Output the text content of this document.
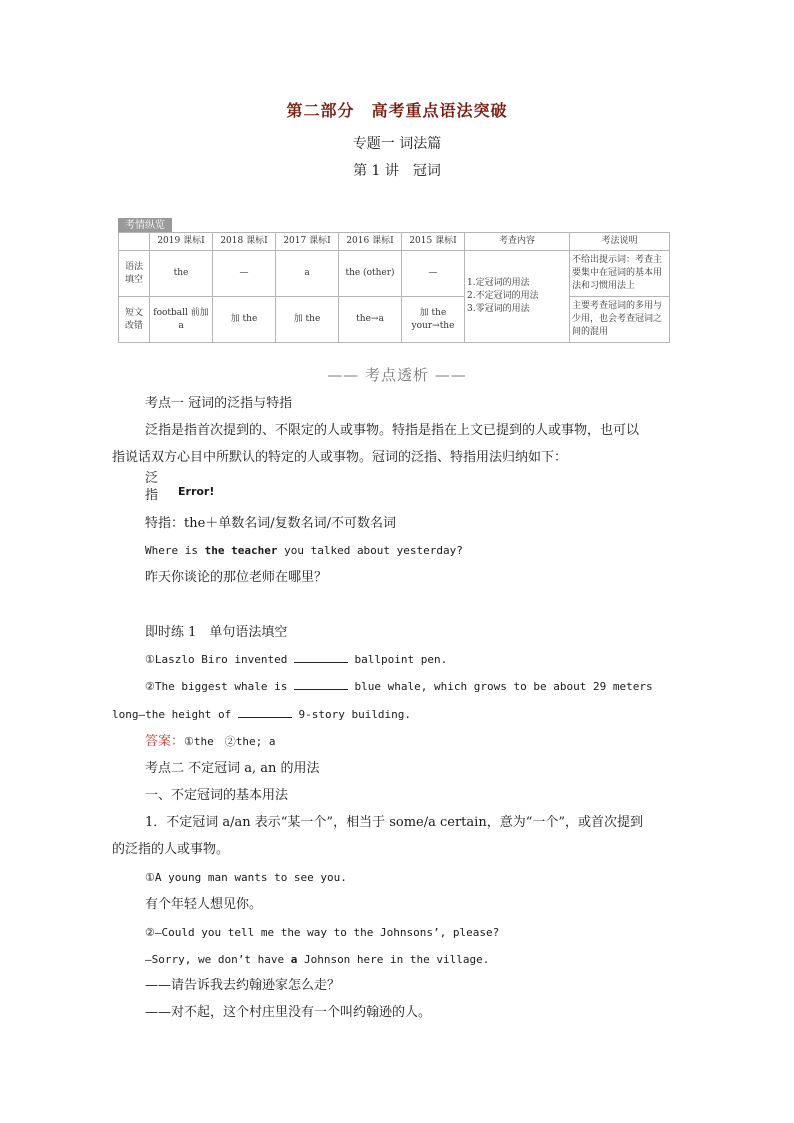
第二部分　高考重点语法突破
专题一 词法篇
第 1 讲　冠词
考情纵览
	2019 课标Ⅰ	2018 课标Ⅰ	2017 课标Ⅰ	2016 课标Ⅰ	2015 课标Ⅰ	考查内容	考法说明
语法填空	the	—	a	the (other)	—	1.定冠词的用法
2.不定冠词的用法
3.零冠词的用法	不给出提示词：考查主要集中在冠词的基本用法和习惯用法上
短文改错	football 前加 a	加 the	加 the	the→a	加 the your→the		主要考查冠词的多用与少用，也会考查冠词之间的混用
—— 考点透析 ——
考点一 冠词的泛指与特指
泛指是指首次提到的、不限定的人或事物。特指是指在上文已提到的人或事物，也可以
指说话双方心目中所默认的特定的人或事物。冠词的泛指、特指用法归纳如下：
泛
指 Error!
特指：the＋单数名词/复数名词/不可数名词
Where is the teacher you talked about yesterday?
昨天你谈论的那位老师在哪里？
即时练 1　单句语法填空
①Laszlo Biro invented	ballpoint pen.
②The biggest whale is	blue whale, which grows to be about 29 meters
long—the height of	9-story building.
答案：①the　②the; a
考点二 不定冠词 a, an 的用法
一、不定冠词的基本用法
1．不定冠词 a/an 表示“某一个”，相当于 some/a certain，意为“一个”，或首次提到
的泛指的人或事物。
①A young man wants to see you.
有个年轻人想见你。
②—Could you tell me the way to the Johnsons’, please?
—Sorry, we don’t have a Johnson here in the village.
——请告诉我去约翰逊家怎么走？
——对不起，这个村庄里没有一个叫约翰逊的人。
